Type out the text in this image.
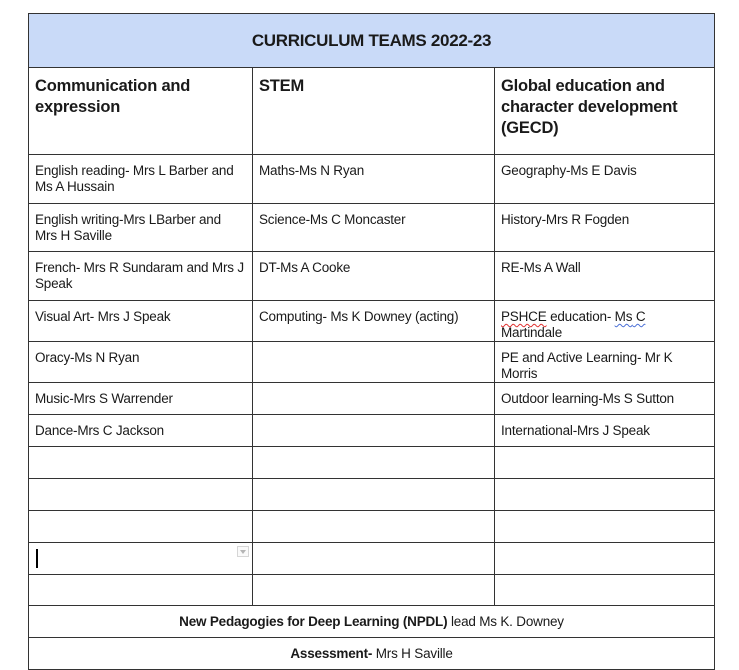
CURRICULUM TEAMS 2022-23		
Communication and expression	STEM	Global education and character development (GECD)
English reading- Mrs L Barber and Ms A Hussain	Maths-Ms N Ryan	Geography-Ms E Davis
English writing-Mrs LBarber and Mrs H Saville	Science-Ms C Moncaster	History-Mrs R Fogden
French- Mrs R Sundaram and Mrs J Speak	DT-Ms A Cooke	RE-Ms A Wall
Visual Art- Mrs J Speak	Computing- Ms K Downey (acting)	PSHCE education- Ms C Martindale
Oracy-Ms N Ryan		PE and Active Learning- Mr K Morris
Music-Mrs S Warrender		Outdoor learning-Ms S Sutton
Dance-Mrs C Jackson		International-Mrs J Speak

New Pedagogies for Deep Learning (NPDL) lead Ms K. Downey		
Assessment- Mrs H Saville		
